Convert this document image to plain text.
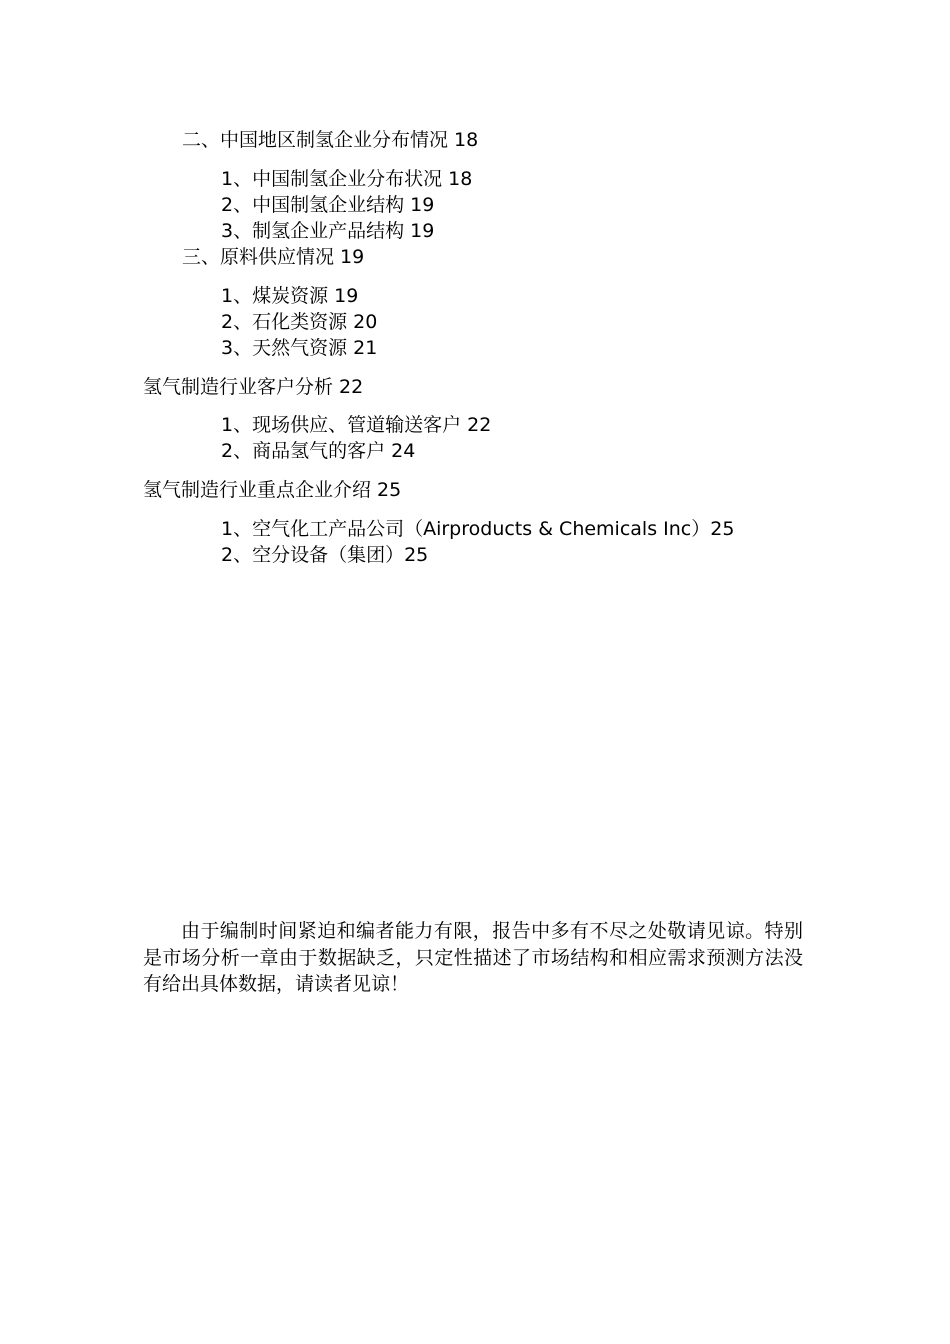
二、中国地区制氢企业分布情况 18
1、中国制氢企业分布状况 18
2、中国制氢企业结构 19
3、制氢企业产品结构 19
三、原料供应情况 19
1、煤炭资源 19
2、石化类资源 20
3、天然气资源 21
氢气制造行业客户分析 22
1、现场供应、管道输送客户 22
2、商品氢气的客户 24
氢气制造行业重点企业介绍 25
1、空气化工产品公司（Airproducts & Chemicals Inc）25
2、空分设备（集团）25

由于编制时间紧迫和编者能力有限，报告中多有不尽之处敬请见谅。特别是市场分析一章由于数据缺乏，只定性描述了市场结构和相应需求预测方法没有给出具体数据，请读者见谅！
